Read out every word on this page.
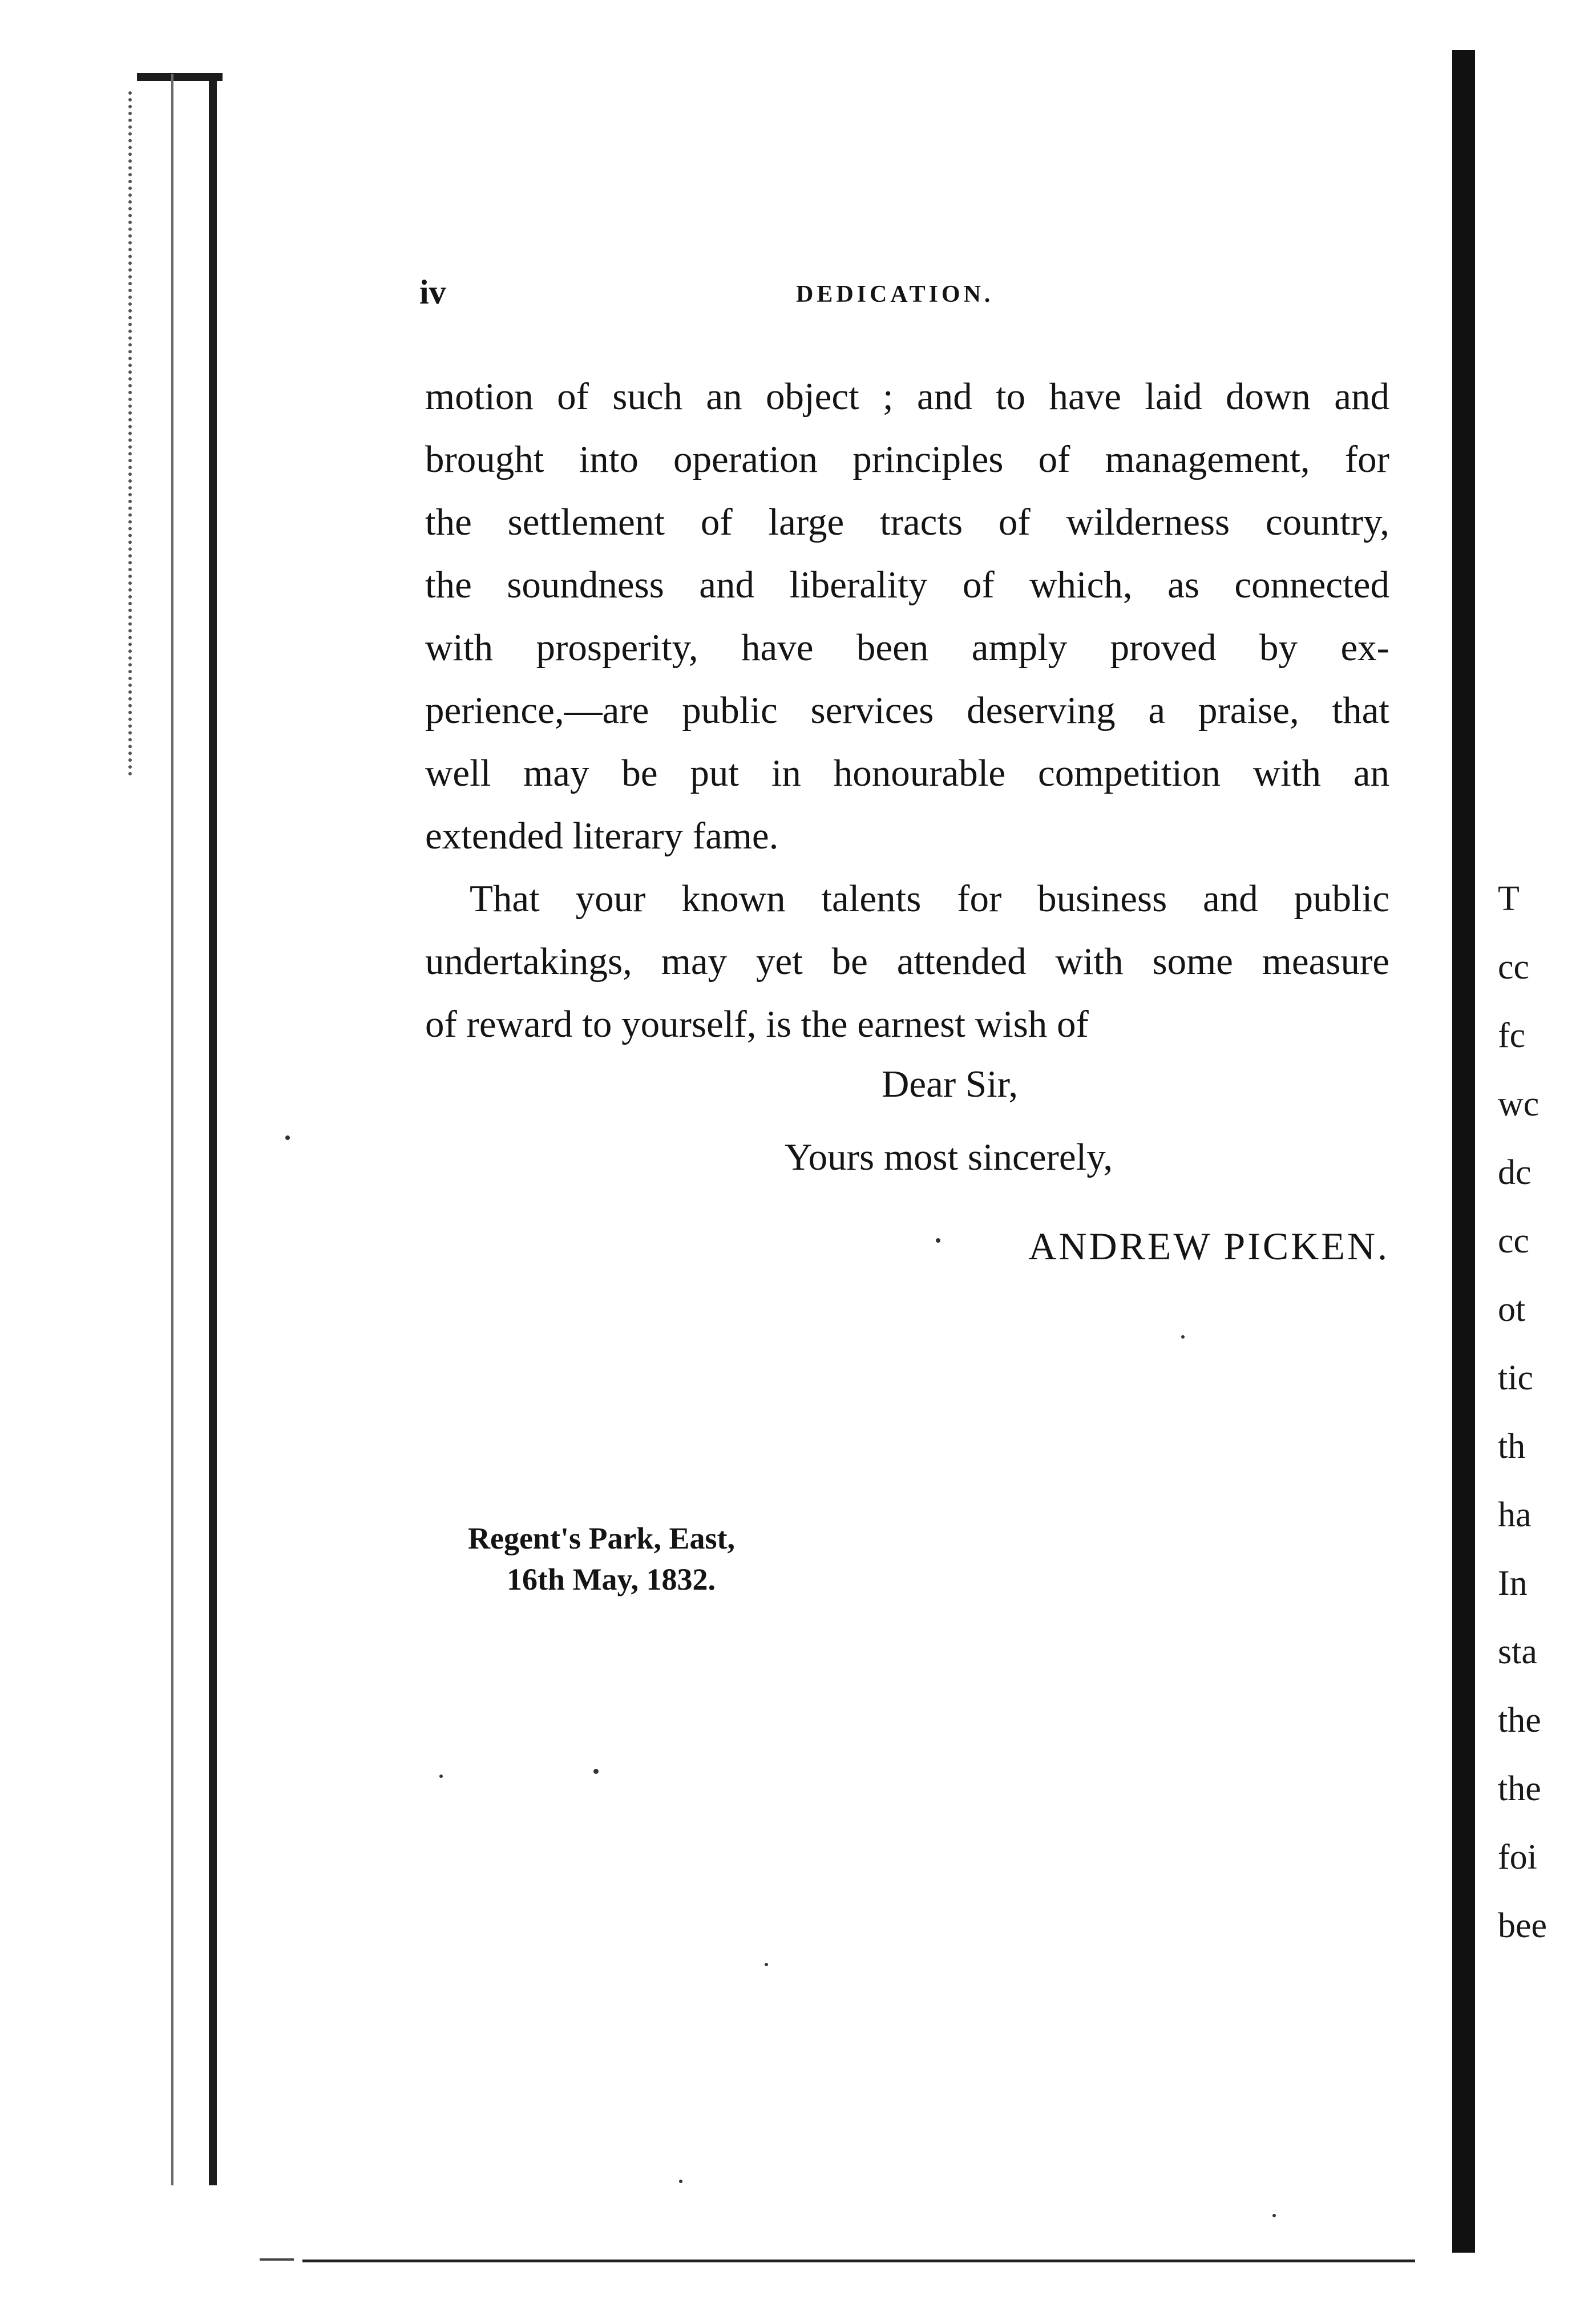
iv	DEDICATION.
motion of such an object ; and to have laid down and
brought into operation principles of management, for
the settlement of large tracts of wilderness country,
the soundness and liberality of which, as connected
with prosperity, have been amply proved by ex-
perience,—are public services deserving a praise, that
well may be put in honourable competition with an
extended literary fame.
That your known talents for business and public
undertakings, may yet be attended with some measure
of reward to yourself, is the earnest wish of
Dear Sir,
Yours most sincerely,
ANDREW PICKEN.
Regent's Park, East,
16th May, 1832.
T
cc
fc
wc
dc
cc
ot
tic
th
ha
In
sta
the
the
foi
bee
